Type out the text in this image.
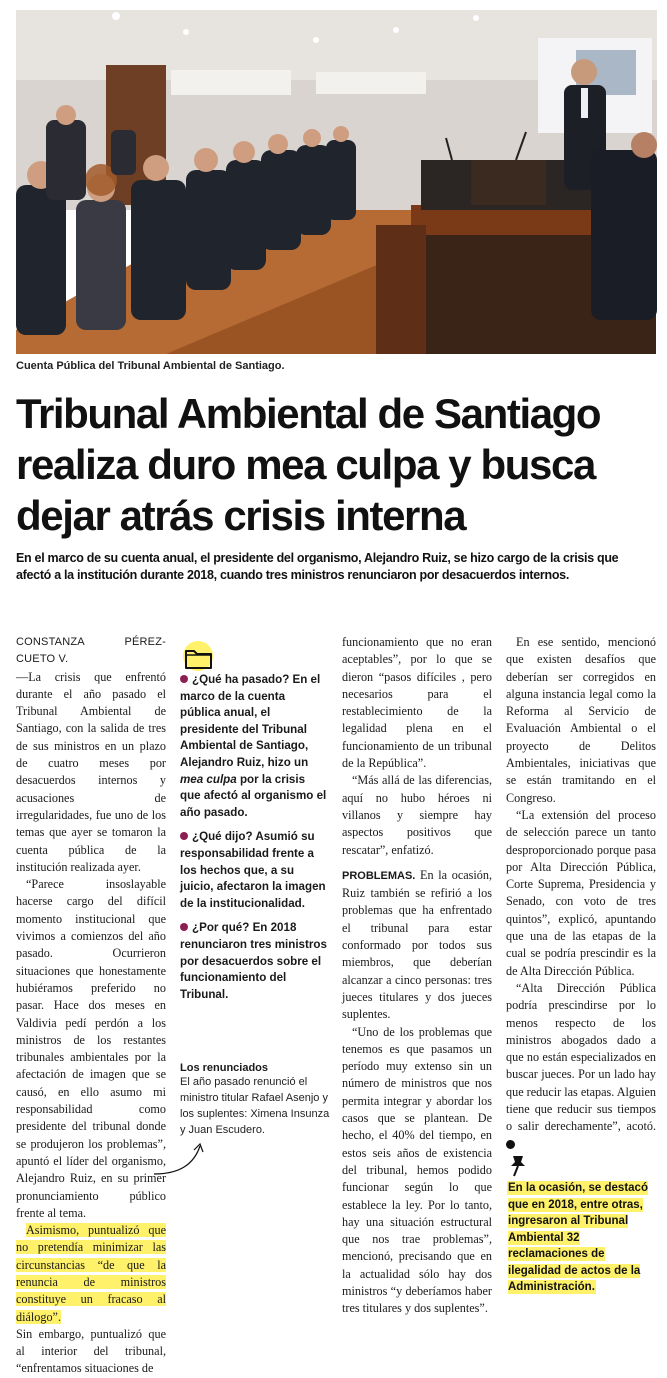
Cuenta Pública del Tribunal Ambiental de Santiago.
Tribunal Ambiental de Santiago
realiza duro mea culpa y busca
dejar atrás crisis interna

En el marco de su cuenta anual, el presidente del organismo, Alejandro Ruiz, se hizo cargo de la crisis que afectó a la institución durante 2018, cuando tres ministros renunciaron por desacuerdos internos.

CONSTANZA PÉREZ-CUETO V.

—La crisis que enfrentó durante el año pasado el Tribunal Ambiental de Santiago, con la salida de tres de sus ministros en un plazo de cuatro meses por desacuerdos internos y acusaciones de irregularidades, fue uno de los temas que ayer se tomaron la cuenta pública de la institución realizada ayer.

“Parece insoslayable hacerse cargo del difícil momento institucional que vivimos a comienzos del año pasado. Ocurrieron situaciones que honestamente hubiéramos preferido no pasar. Hace dos meses en Valdivia pedí perdón a los ministros de los restantes tribunales ambientales por la afectación de imagen que se causó, en ello asumo mi responsabilidad como presidente del tribunal donde se produjeron los problemas”, apuntó el líder del organismo, Alejandro Ruiz, en su primer pronunciamiento público frente al tema.

Asimismo, puntualizó que no pretendía minimizar las circunstancias “de que la renuncia de ministros constituye un fracaso al diálogo”.

Sin embargo, puntualizó que al interior del tribunal, “enfrentamos situaciones de

¿Qué ha pasado? En el marco de la cuenta pública anual, el presidente del Tribunal Ambiental de Santiago, Alejandro Ruiz, hizo un mea culpa por la crisis que afectó al organismo el año pasado.

¿Qué dijo? Asumió su responsabilidad frente a los hechos que, a su juicio, afectaron la imagen de la institucionalidad.

¿Por qué? En 2018 renunciaron tres ministros por desacuerdos sobre el funcionamiento del Tribunal.

Los renunciados
El año pasado renunció el ministro titular Rafael Asenjo y los suplentes: Ximena Insunza y Juan Escudero.

funcionamiento que no eran aceptables”, por lo que se dieron “pasos difíciles , pero necesarios para el restablecimiento de la legalidad plena en el funcionamiento de un tribunal de la República”.

“Más allá de las diferencias, aquí no hubo héroes ni villanos y siempre hay aspectos positivos que rescatar”, enfatizó.

PROBLEMAS. En la ocasión, Ruiz también se refirió a los problemas que ha enfrentado el tribunal para estar conformado por todos sus miembros, que deberían alcanzar a cinco personas: tres jueces titulares y dos jueces suplentes.

“Uno de los problemas que tenemos es que pasamos un período muy extenso sin un número de ministros que nos permita integrar y abordar los casos que se plantean. De hecho, el 40% del tiempo, en estos seis años de existencia del tribunal, hemos podido funcionar según lo que establece la ley. Por lo tanto, hay una situación estructural que nos trae problemas”, mencionó, precisando que en la actualidad sólo hay dos ministros “y deberíamos haber tres titulares y dos suplentes”.

En ese sentido, mencionó que existen desafíos que deberían ser corregidos en alguna instancia legal como la Reforma al Servicio de Evaluación Ambiental o el proyecto de Delitos Ambientales, iniciativas que se están tramitando en el Congreso.

“La extensión del proceso de selección parece un tanto desproporcionado porque pasa por Alta Dirección Pública, Corte Suprema, Presidencia y Senado, con voto de tres quintos”, explicó, apuntando que una de las etapas de la cual se podría prescindir es la de Alta Dirección Pública.

“Alta Dirección Pública podría prescindirse por lo menos respecto de los ministros abogados dado a que no están especializados en buscar jueces. Por un lado hay que reducir las etapas. Alguien tiene que reducir sus tiempos o salir derechamente”, acotó.

En la ocasión, se destacó que en 2018, entre otras, ingresaron al Tribunal Ambiental 32 reclamaciones de ilegalidad de actos de la Administración.
